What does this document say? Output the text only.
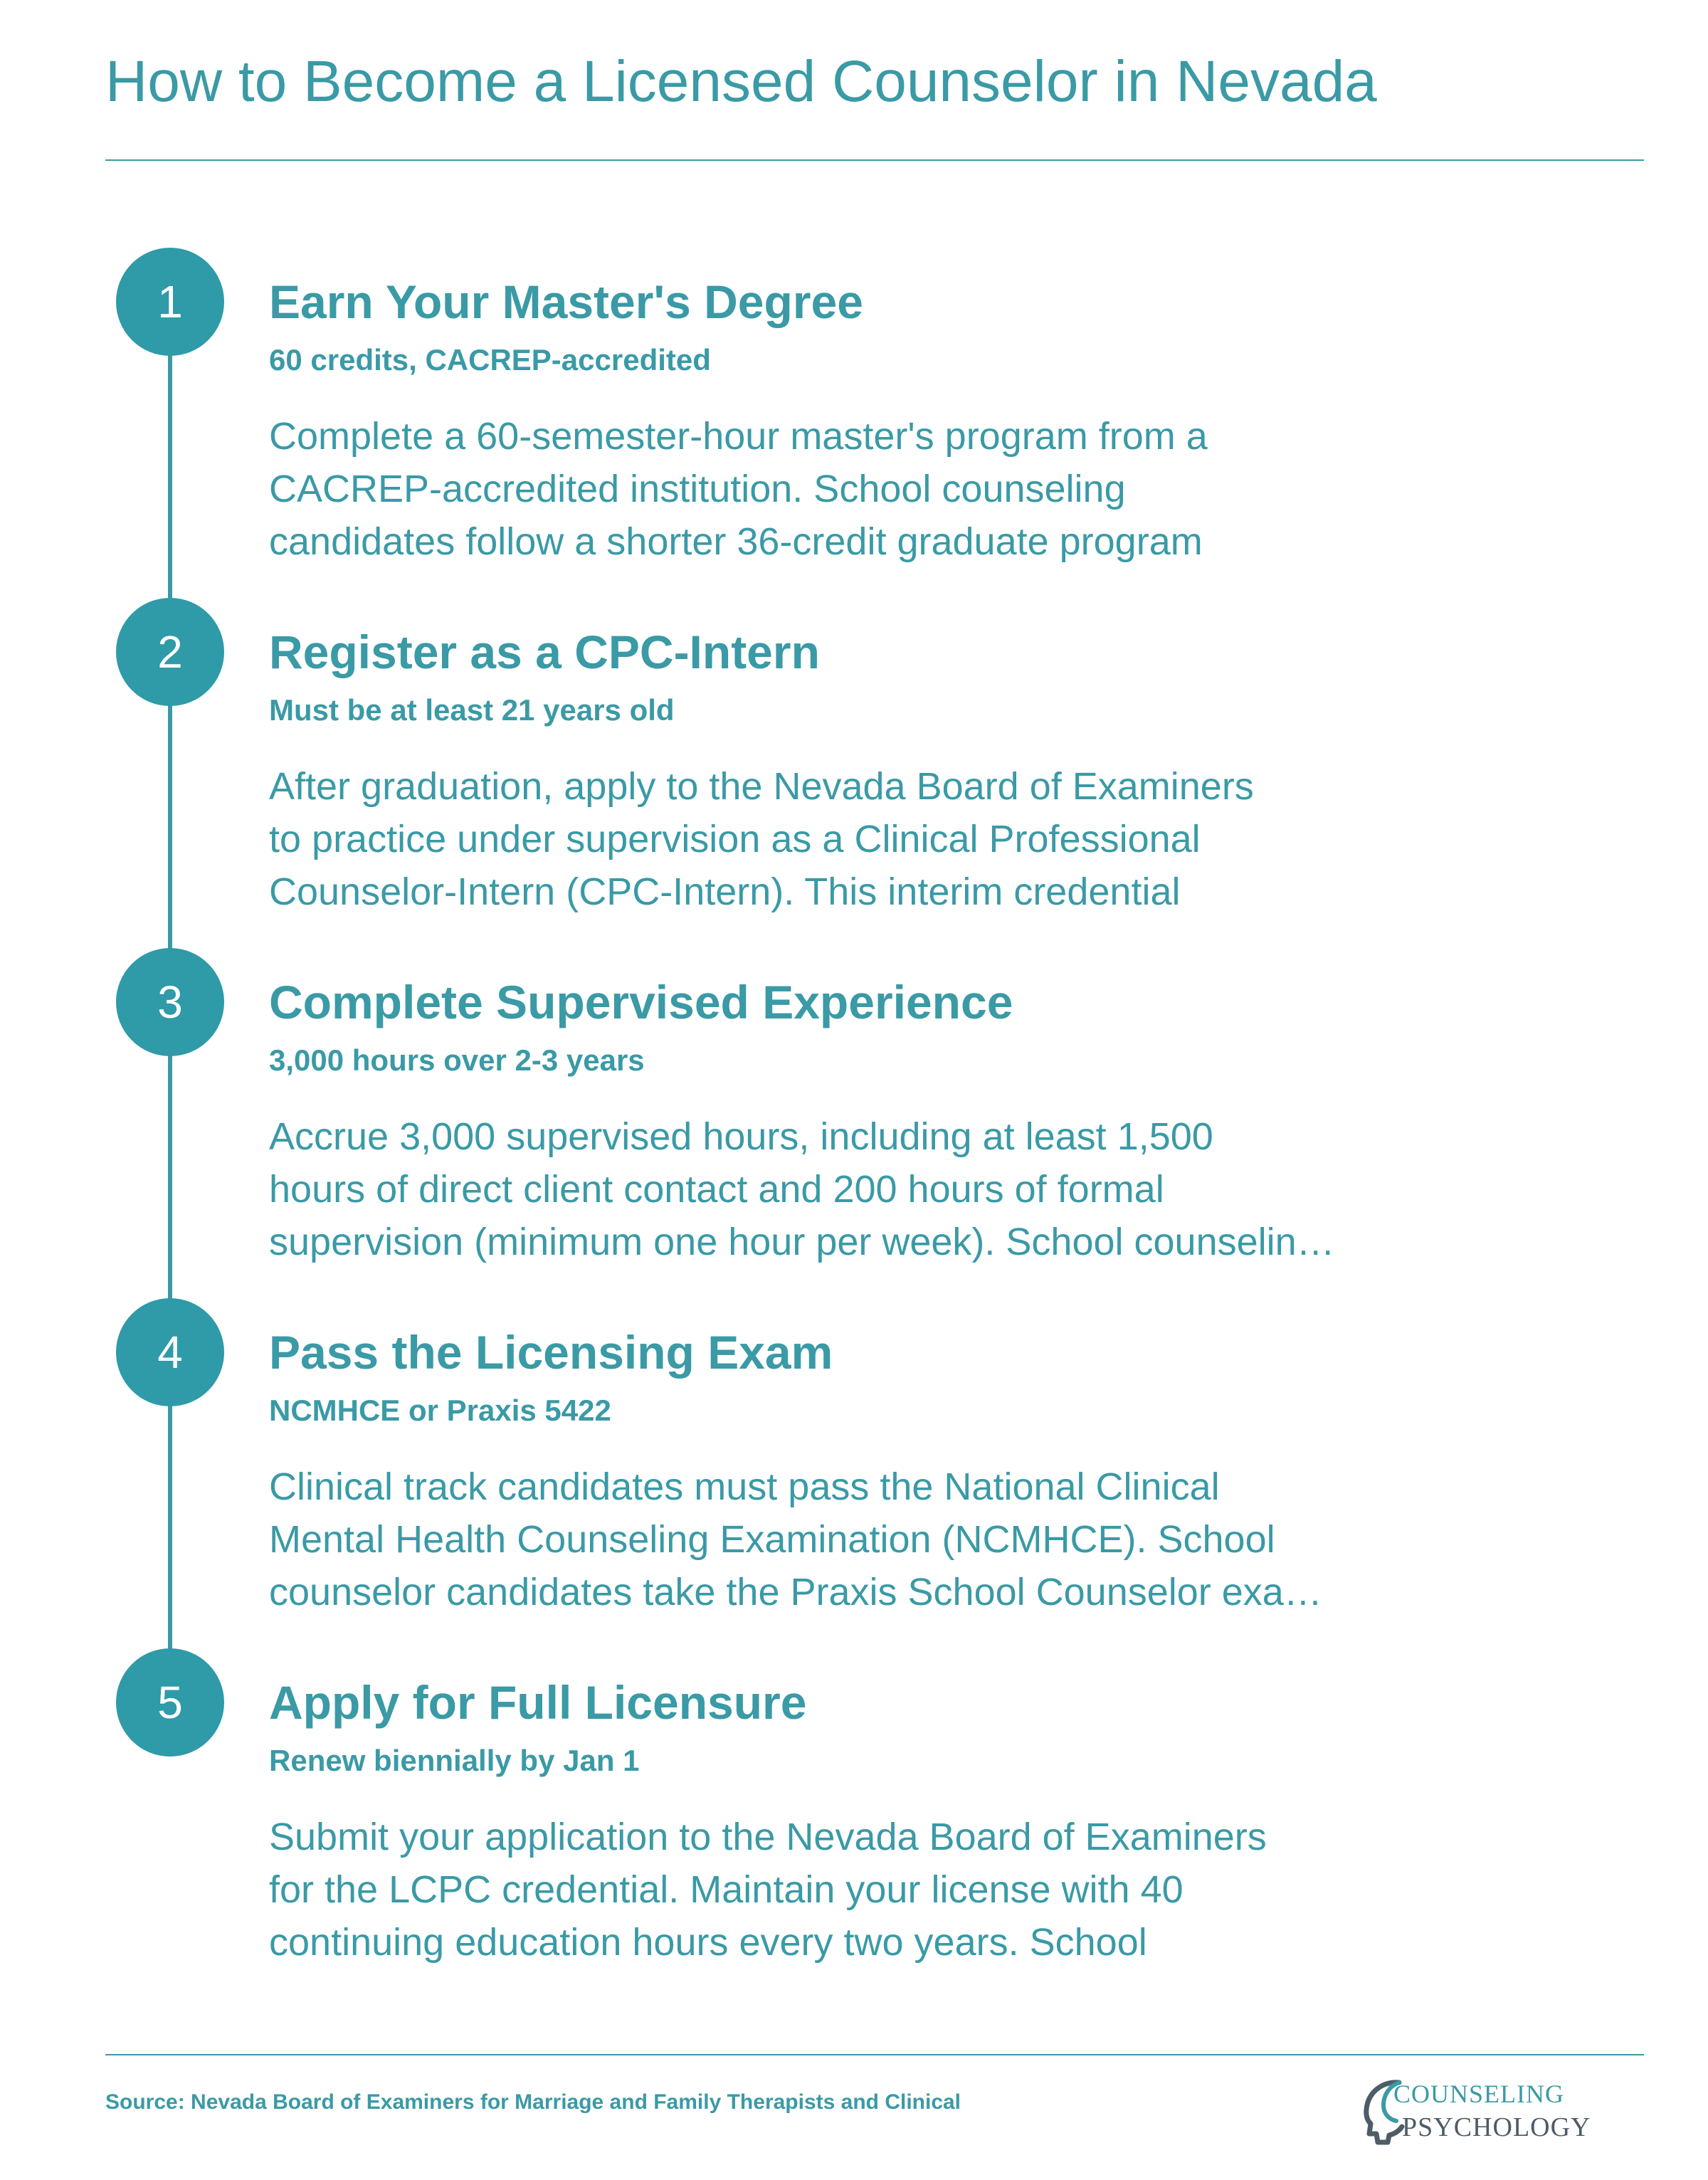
How to Become a Licensed Counselor in Nevada
1	Earn Your Master's Degree
60 credits, CACREP-accredited
Complete a 60-semester-hour master's program from a
CACREP-accredited institution. School counseling
candidates follow a shorter 36-credit graduate program
2	Register as a CPC-Intern
Must be at least 21 years old
After graduation, apply to the Nevada Board of Examiners
to practice under supervision as a Clinical Professional
Counselor-Intern (CPC-Intern). This interim credential
3	Complete Supervised Experience
3,000 hours over 2-3 years
Accrue 3,000 supervised hours, including at least 1,500
hours of direct client contact and 200 hours of formal
supervision (minimum one hour per week). School counselin…
4	Pass the Licensing Exam
NCMHCE or Praxis 5422
Clinical track candidates must pass the National Clinical
Mental Health Counseling Examination (NCMHCE). School
counselor candidates take the Praxis School Counselor exa…
5	Apply for Full Licensure
Renew biennially by Jan 1
Submit your application to the Nevada Board of Examiners
for the LCPC credential. Maintain your license with 40
continuing education hours every two years. School
Source: Nevada Board of Examiners for Marriage and Family Therapists and Clinical	COUNSELING
PSYCHOLOGY
